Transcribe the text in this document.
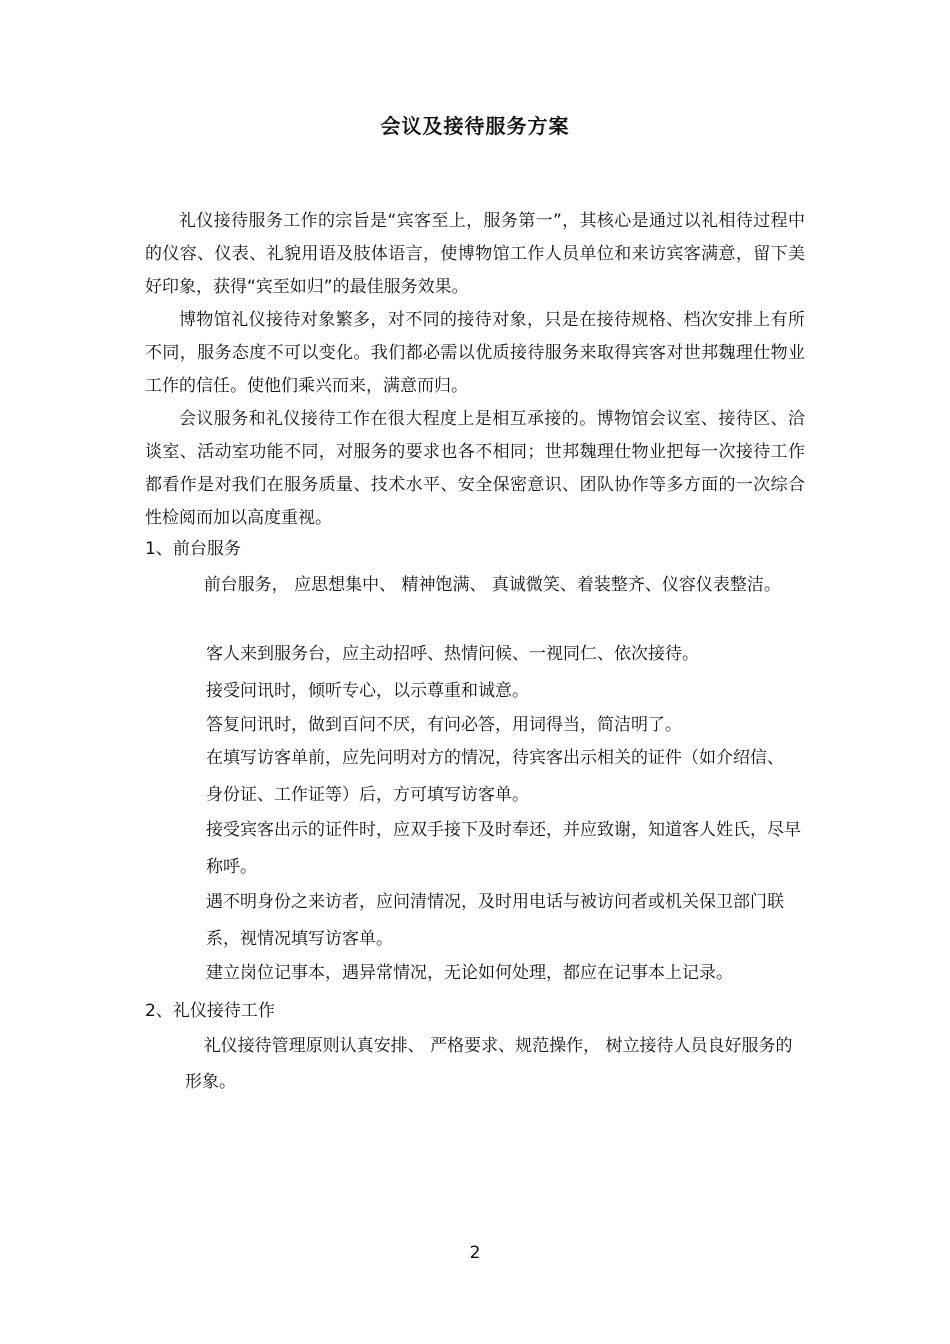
会议及接待服务方案
礼仪接待服务工作的宗旨是“宾客至上，服务第一”，其核心是通过以礼相待过程中的仪容、仪表、礼貌用语及肢体语言，使博物馆工作人员单位和来访宾客满意，留下美好印象，获得“宾至如归”的最佳服务效果。
博物馆礼仪接待对象繁多，对不同的接待对象，只是在接待规格、档次安排上有所不同，服务态度不可以变化。我们都必需以优质接待服务来取得宾客对世邦魏理仕物业工作的信任。使他们乘兴而来，满意而归。
会议服务和礼仪接待工作在很大程度上是相互承接的。博物馆会议室、接待区、洽谈室、活动室功能不同，对服务的要求也各不相同；世邦魏理仕物业把每一次接待工作都看作是对我们在服务质量、技术水平、安全保密意识、团队协作等多方面的一次综合性检阅而加以高度重视。
1、前台服务
前台服务， 应思想集中、 精神饱满、 真诚微笑、着装整齐、仪容仪表整洁。
客人来到服务台，应主动招呼、热情问候、一视同仁、依次接待。
接受问讯时，倾听专心，以示尊重和诚意。
答复问讯时，做到百问不厌，有问必答，用词得当，简洁明了。
在填写访客单前，应先问明对方的情况，待宾客出示相关的证件（如介绍信、 身份证、工作证等）后，方可填写访客单。
接受宾客出示的证件时，应双手接下及时奉还，并应致谢，知道客人姓氏，尽早称呼。
遇不明身份之来访者，应问清情况，及时用电话与被访问者或机关保卫部门联系，视情况填写访客单。
建立岗位记事本，遇异常情况，无论如何处理，都应在记事本上记录。
2、礼仪接待工作
礼仪接待管理原则认真安排、 严格要求、规范操作， 树立接待人员良好服务的形象。
2
